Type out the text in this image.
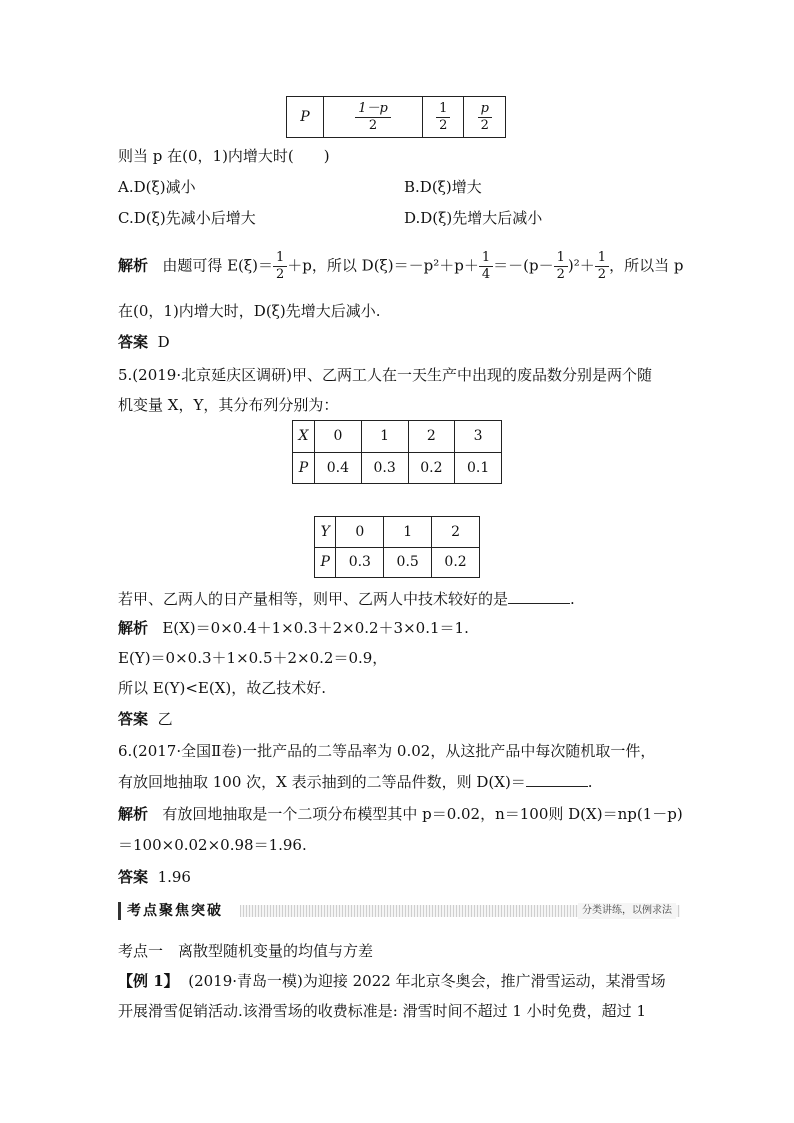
P	$\frac{1-p}{2}$	$\frac{1}{2}$	$\frac{p}{2}$
则当 p 在(0，1)内增大时(　　)
A.D(ξ)减小	B.D(ξ)增大
C.D(ξ)先减小后增大	D.D(ξ)先增大后减小
解析 由题可得 $E(\xi)= \frac{1}{2} +p$，所以 $D(\xi)=-p^2+p+ \frac{1}{4} =-(p- \frac{1}{2} )^2+ \frac{1}{2}$ ，所以当 p
在(0，1)内增大时，D(ξ)先增大后减小.
答案 D
5.(2019·北京延庆区调研)甲、乙两工人在一天生产中出现的废品数分别是两个随
机变量 X，Y，其分布列分别为：
X	0	1	2	3
P	0.4	0.3	0.2	0.1
Y	0	1	2
P	0.3	0.5	0.2
若甲、乙两人的日产量相等，则甲、乙两人中技术较好的是	.
解析 E(X)＝0×0.4＋1×0.3＋2×0.2＋3×0.1＝1.
E(Y)＝0×0.3＋1×0.5＋2×0.2＝0.9，
所以 E(Y)<E(X)，故乙技术好.
答案 乙
6.(2017·全国Ⅱ卷)一批产品的二等品率为 0.02，从这批产品中每次随机取一件，
有放回地抽取 100 次，X 表示抽到的二等品件数，则 D(X)＝	.
解析 有放回地抽取是一个二项分布模型其中 p＝0.02，n＝100则 D(X)＝np(1－p)
＝100×0.02×0.98＝1.96.
答案 1.96
考点聚焦突破	分类讲练，以例求法
考点一　离散型随机变量的均值与方差
【例 1】 (2019·青岛一模)为迎接 2022 年北京冬奥会，推广滑雪运动，某滑雪场
开展滑雪促销活动.该滑雪场的收费标准是: 滑雪时间不超过 1 小时免费，超过 1
